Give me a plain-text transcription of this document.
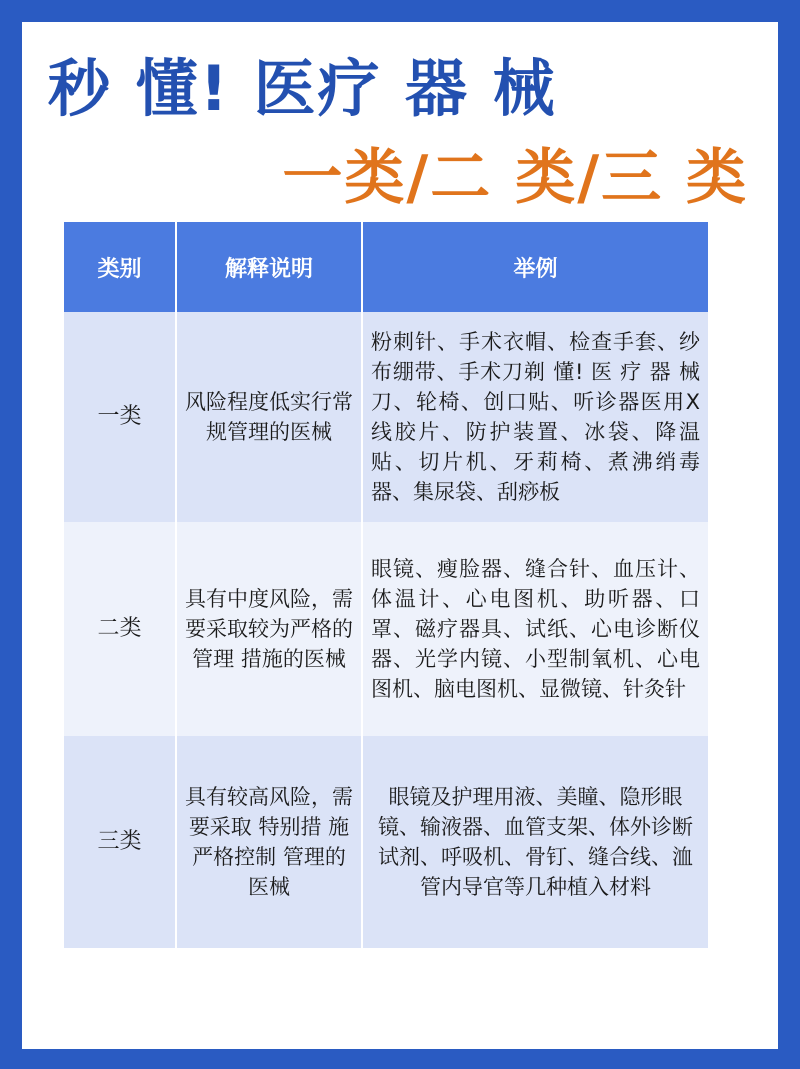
秒 懂! 医疗 器 械
一类/二 类/三 类
类别	解释说明	举例
一类	风险程度低实行常规管理的医械	粉刺针、手术衣帽、检查手套、纱布绷带、手术刀剃 懂! 医 疗 器 械刀、轮椅、创口贴、听诊器医用X线胶片、防护装置、冰袋、降温贴、切片机、牙莉椅、煮沸绡毒器、集尿袋、刮痧板
二类	具有中度风险，需 要采取较为严格的管理 措施的医械	眼镜、瘦脸器、缝合针、血压计、体温计、心电图机、助听器、口罩、磁疗器具、试纸、心电诊断仪器、光学内镜、小型制氧机、心电图机、脑电图机、显微镜、针灸针
三类	具有较高风险，需要采取 特别措 施 严格控制 管理的医械	眼镜及护理用液、美瞳、隐形眼镜、输液器、血管支架、体外诊断试剂、呼吸机、骨钉、缝合线、洫管内导官等几种植入材料
